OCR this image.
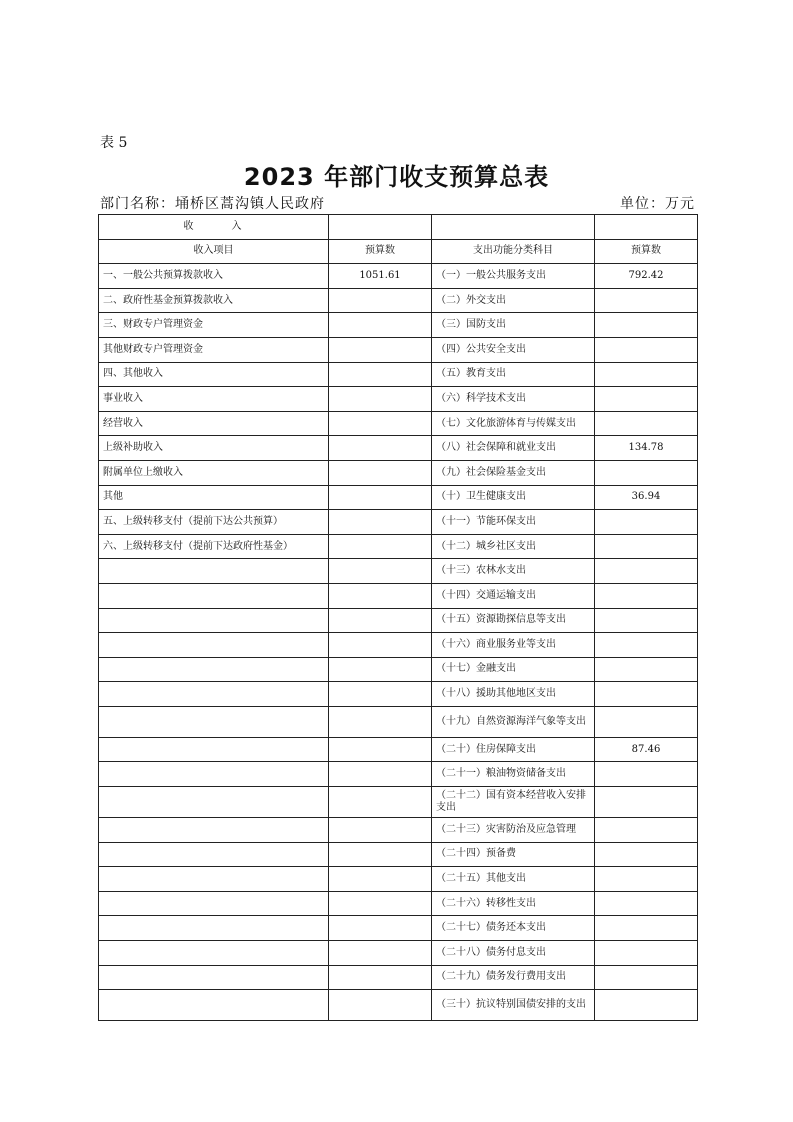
表 5
2023 年部门收支预算总表
部门名称：埇桥区蒿沟镇人民政府	单位：万元
收 入			
收入项目	预算数	支出功能分类科目	预算数
一、一般公共预算拨款收入	1051.61	（一）一般公共服务支出	792.42
二、政府性基金预算拨款收入		（二）外交支出	
三、财政专户管理资金		（三）国防支出	
其他财政专户管理资金		（四）公共安全支出	
四、其他收入		（五）教育支出	
事业收入		（六）科学技术支出	
经营收入		（七）文化旅游体育与传媒支出	
上级补助收入		（八）社会保障和就业支出	134.78
附属单位上缴收入		（九）社会保险基金支出	
其他		（十）卫生健康支出	36.94
五、上级转移支付（提前下达公共预算）		（十一）节能环保支出	
六、上级转移支付（提前下达政府性基金）		（十二）城乡社区支出	
		（十三）农林水支出	
		（十四）交通运输支出	
		（十五）资源勘探信息等支出	
		（十六）商业服务业等支出	
		（十七）金融支出	
		（十八）援助其他地区支出	
		（十九）自然资源海洋气象等支出	
		（二十）住房保障支出	87.46
		（二十一）粮油物资储备支出	
		（二十二）国有资本经营收入安排支出	
		（二十三）灾害防治及应急管理	
		（二十四）预备费	
		（二十五）其他支出	
		（二十六）转移性支出	
		（二十七）债务还本支出	
		（二十八）债务付息支出	
		（二十九）债务发行费用支出	
		（三十）抗议特别国债安排的支出	
